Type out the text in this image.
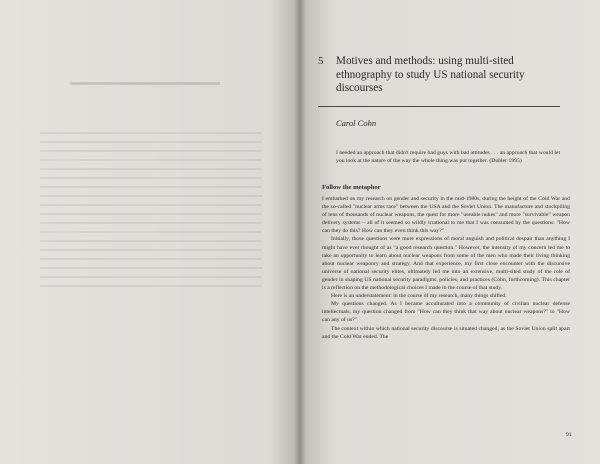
5 Motives and methods: using multi-sited ethnography to study US national security discourses
Carol Cohn

I needed an approach that didn't require bad guys with bad attitudes . . . an approach that would let you look at the nature of the way the whole thing was put together. (Dubler 1995)

Follow the metaphor

I embarked on my research on gender and security in the mid-1980s, during the height of the Cold War and the so-called "nuclear arms race" between the USA and the Soviet Union. The manufacture and stockpiling of tens of thousands of nuclear weapons, the quest for more "useable nukes" and more "survivable" weapon delivery systems – all of it seemed so wildly irrational to me that I was consumed by the questions: "How can they do this? How can they even think this way?"

Initially, those questions were more expressions of moral anguish and political despair than anything I might have ever thought of as "a good research question." However, the intensity of my concern led me to take an opportunity to learn about nuclear weapons from some of the men who made their living thinking about nuclear weaponry and strategy. And that experience, my first close encounter with the discursive universe of national security elites, ultimately led me into an extensive, multi-sited study of the role of gender in shaping US national security paradigms, policies, and practices (Cohn, forthcoming). This chapter is a reflection on the methodological choices I made in the course of that study.

Here is an understatement: in the course of my research, many things shifted.

My questions changed. As I became acculturated into a community of civilian nuclear defense intellectuals, my question changed from "How can they think that way about nuclear weapons?" to "How can any of us?"

The context within which national security discourse is situated changed, as the Soviet Union split apart and the Cold War ended. The

91
